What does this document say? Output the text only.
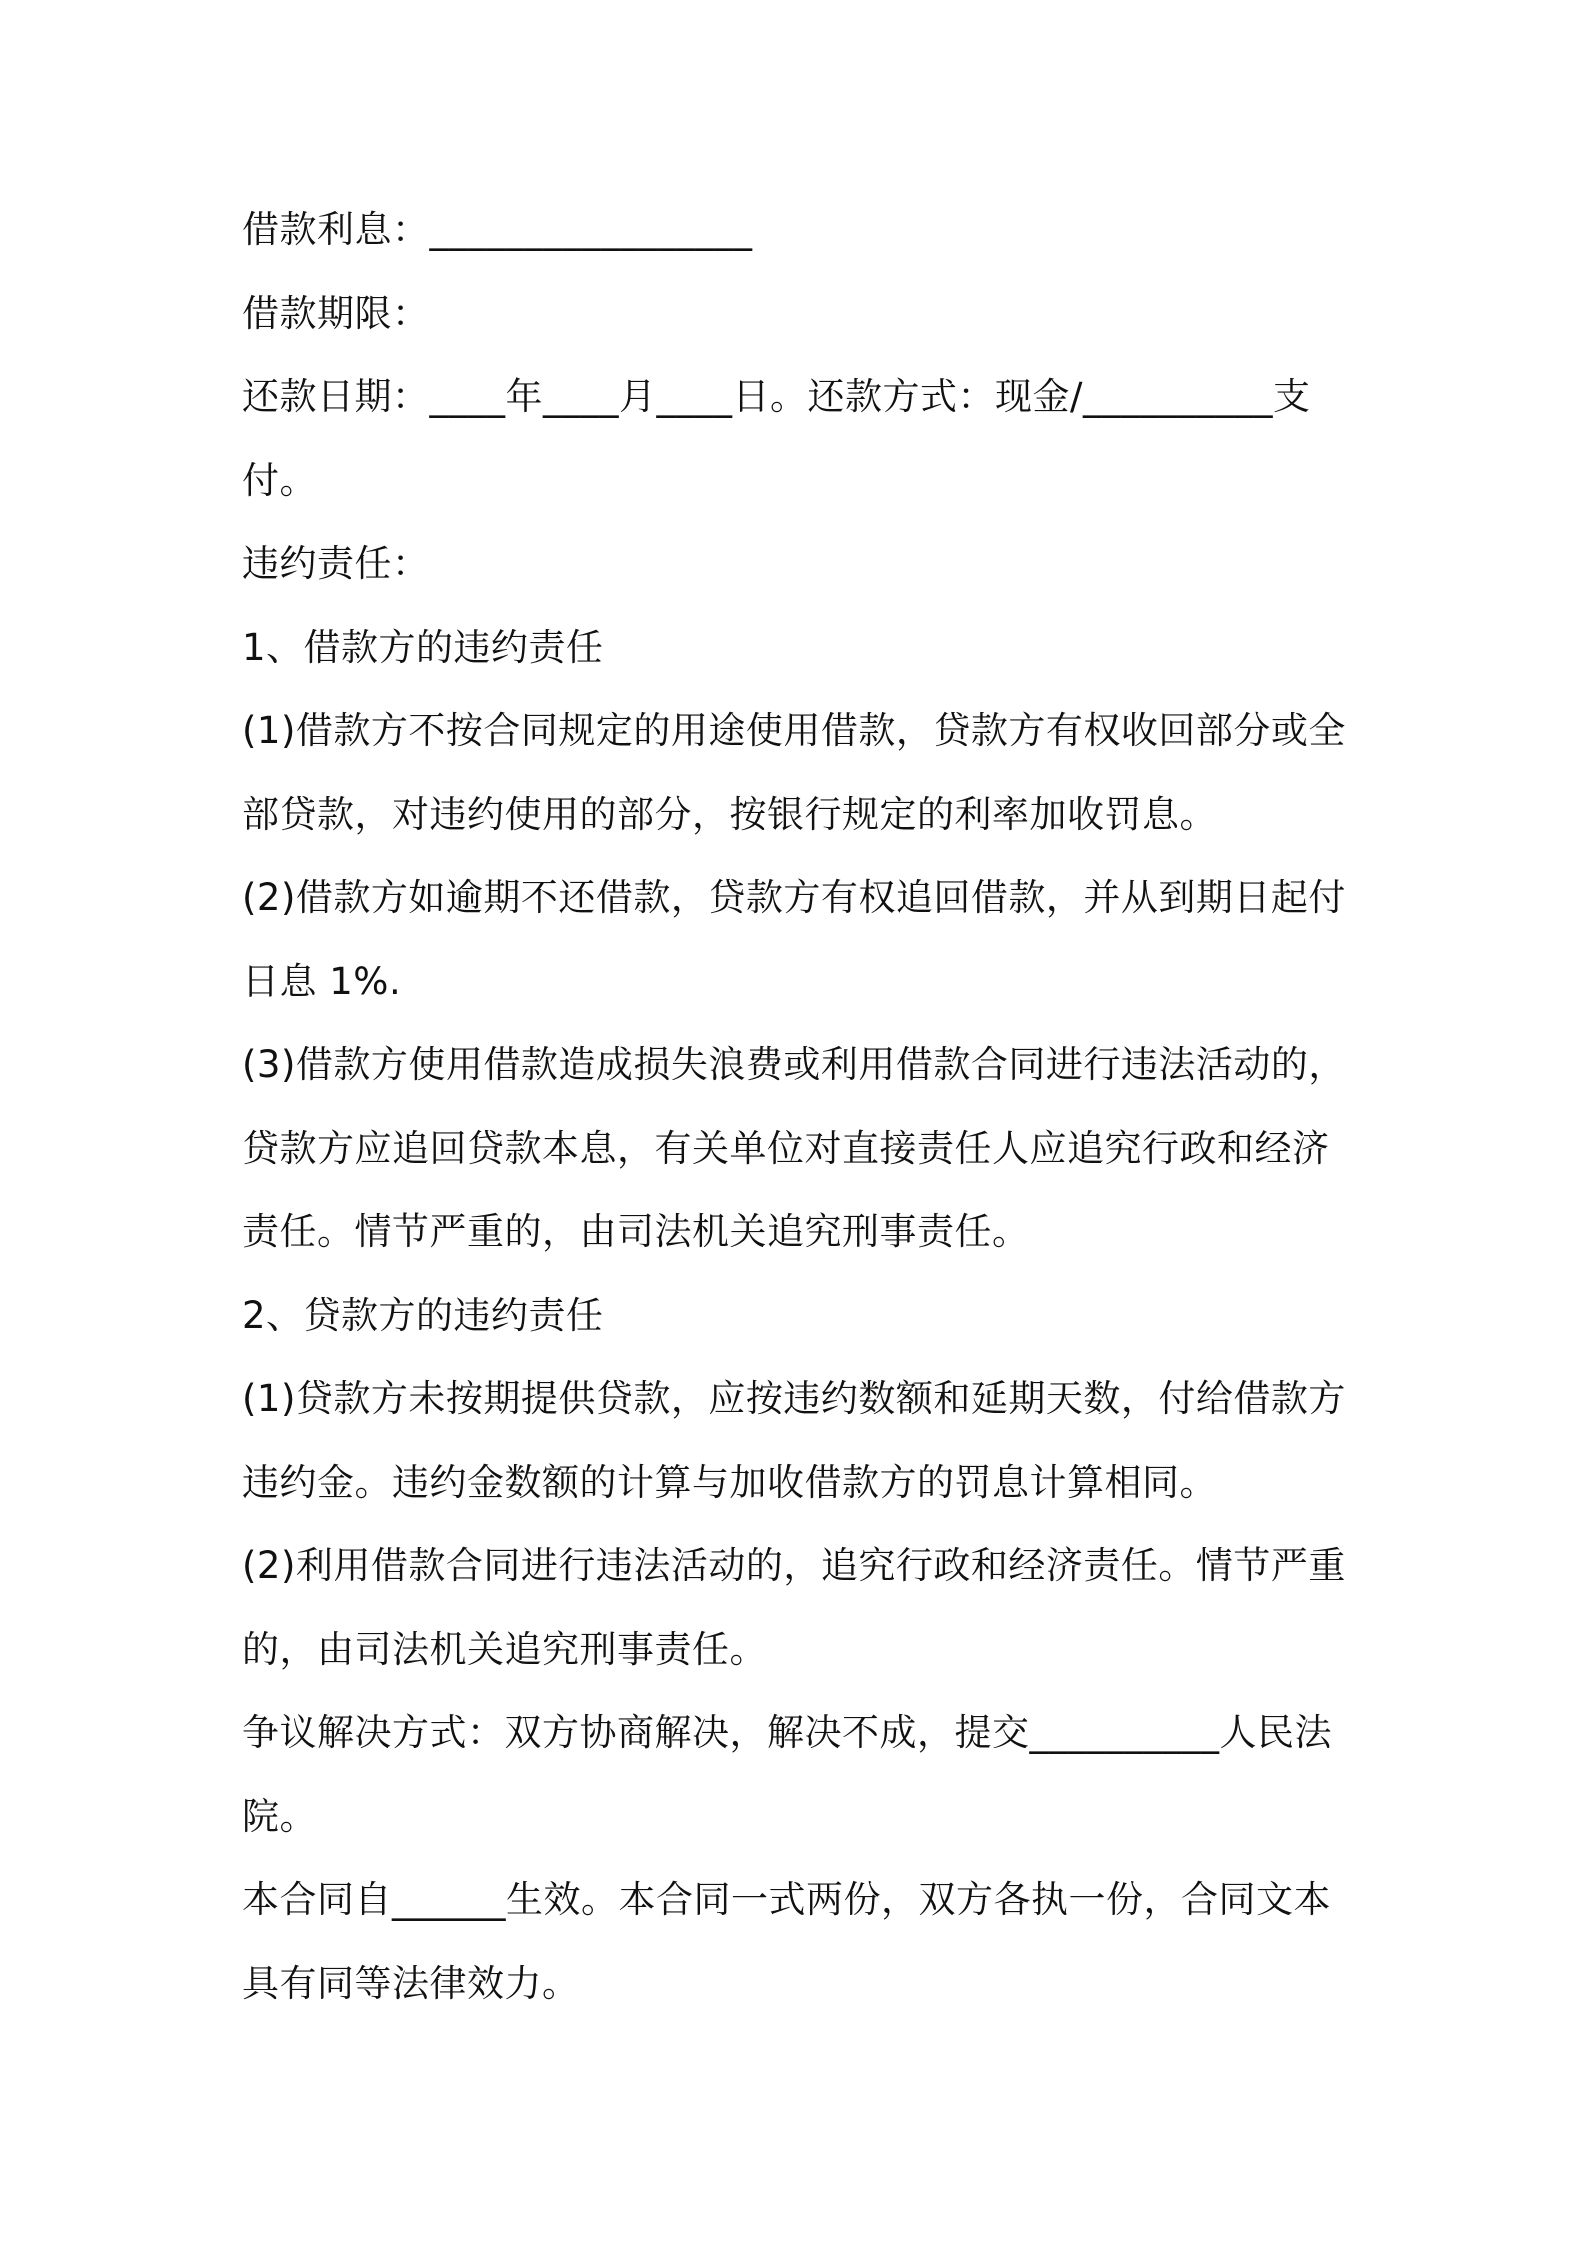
借款利息：_________________

借款期限：

还款日期：____年____月____日。还款方式：现金/__________支付。

违约责任：

1、借款方的违约责任

(1)借款方不按合同规定的用途使用借款，贷款方有权收回部分或全部贷款，对违约使用的部分，按银行规定的利率加收罚息。

(2)借款方如逾期不还借款，贷款方有权追回借款，并从到期日起付日息 1%.

(3)借款方使用借款造成损失浪费或利用借款合同进行违法活动的，贷款方应追回贷款本息，有关单位对直接责任人应追究行政和经济责任。情节严重的，由司法机关追究刑事责任。

2、贷款方的违约责任

(1)贷款方未按期提供贷款，应按违约数额和延期天数，付给借款方违约金。违约金数额的计算与加收借款方的罚息计算相同。

(2)利用借款合同进行违法活动的，追究行政和经济责任。情节严重的，由司法机关追究刑事责任。

争议解决方式：双方协商解决，解决不成，提交__________人民法院。

本合同自______生效。本合同一式两份，双方各执一份，合同文本具有同等法律效力。
